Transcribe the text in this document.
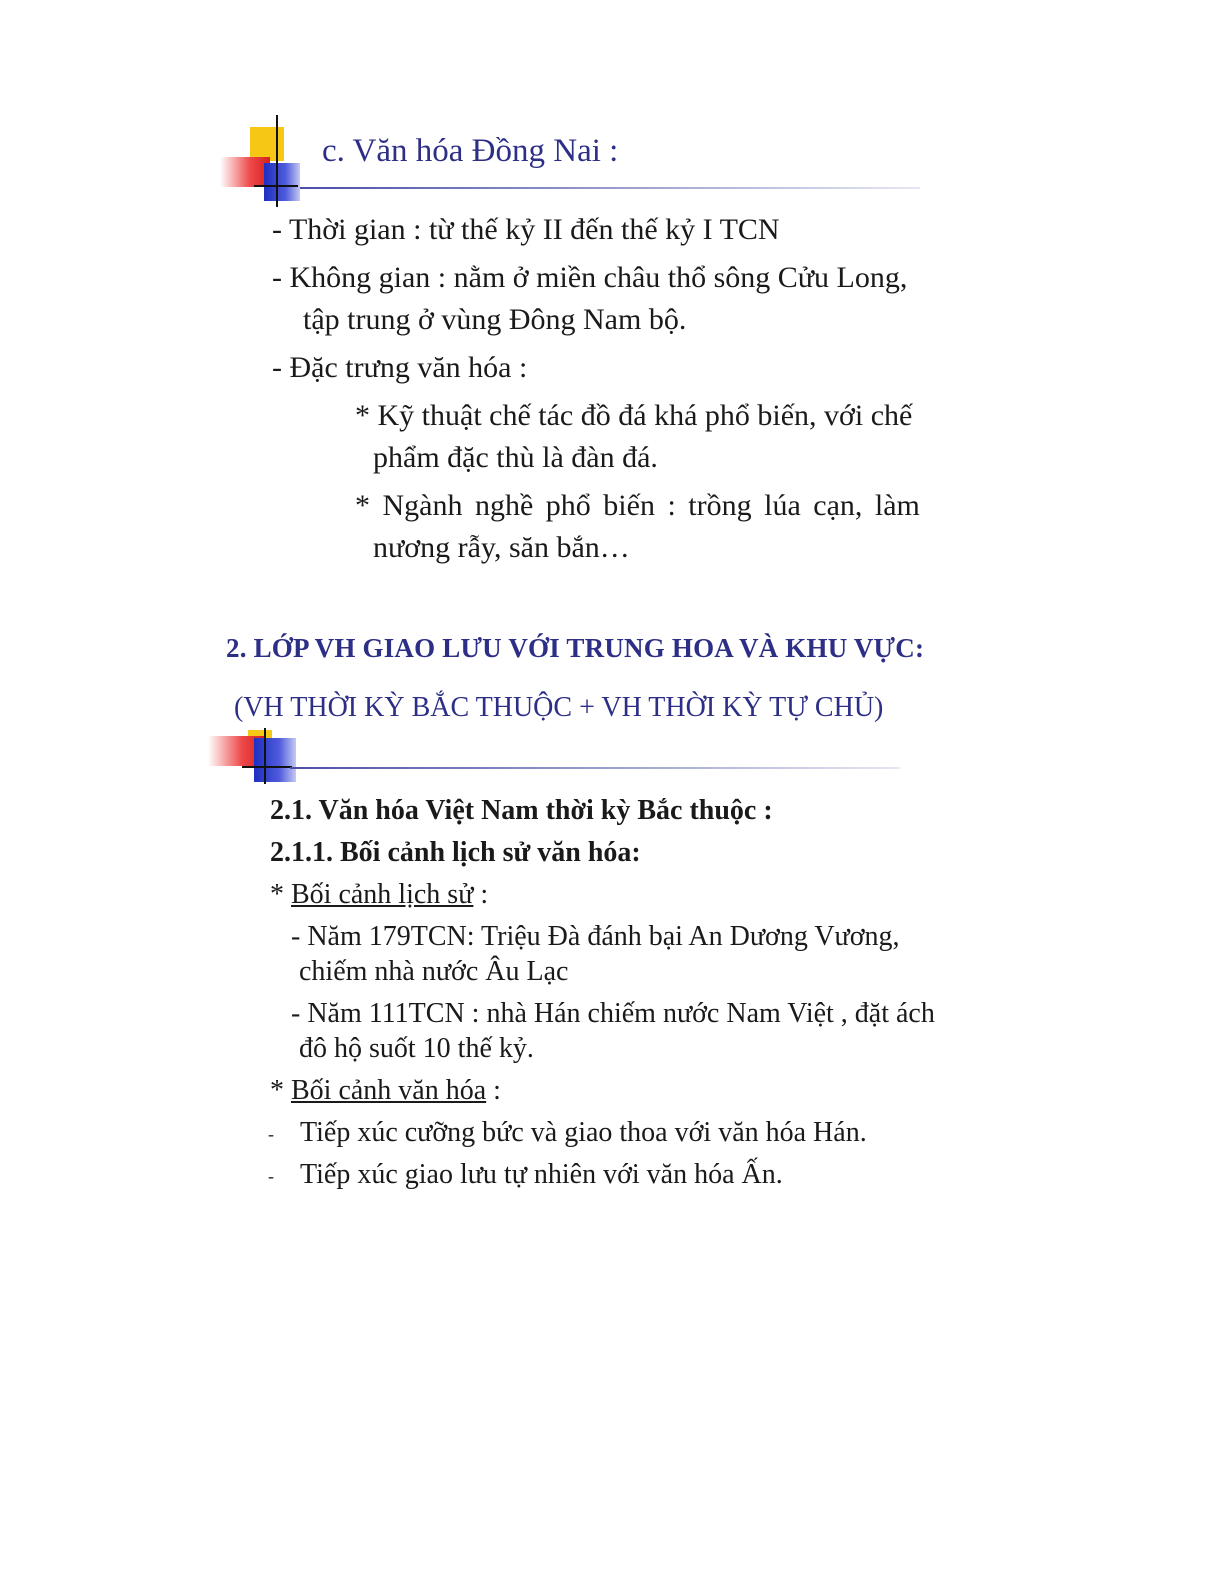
c. Văn hóa Đồng Nai :
- Thời gian : từ thế kỷ II đến thế kỷ I TCN
- Không gian : nằm ở miền châu thổ sông Cửu Long,
tập trung ở vùng Đông Nam bộ.
- Đặc trưng văn hóa :
* Kỹ thuật chế tác đồ đá khá phổ biến, với chế
phẩm đặc thù là đàn đá.
* Ngành nghề phổ biến : trồng lúa cạn, làm
nương rẫy, săn bắn…
2. LỚP VH GIAO LƯU VỚI TRUNG HOA VÀ KHU VỰC:
(VH THỜI KỲ BẮC THUỘC + VH THỜI KỲ TỰ CHỦ)
2.1. Văn hóa Việt Nam thời kỳ Bắc thuộc :
2.1.1. Bối cảnh lịch sử văn hóa:
* Bối cảnh lịch sử :
- Năm 179TCN: Triệu Đà đánh bại An Dương Vương,
chiếm nhà nước Âu Lạc
- Năm 111TCN : nhà Hán chiếm nước Nam Việt , đặt ách
đô hộ suốt 10 thế kỷ.
* Bối cảnh văn hóa :
- Tiếp xúc cưỡng bức và giao thoa với văn hóa Hán.
- Tiếp xúc giao lưu tự nhiên với văn hóa Ấn.
